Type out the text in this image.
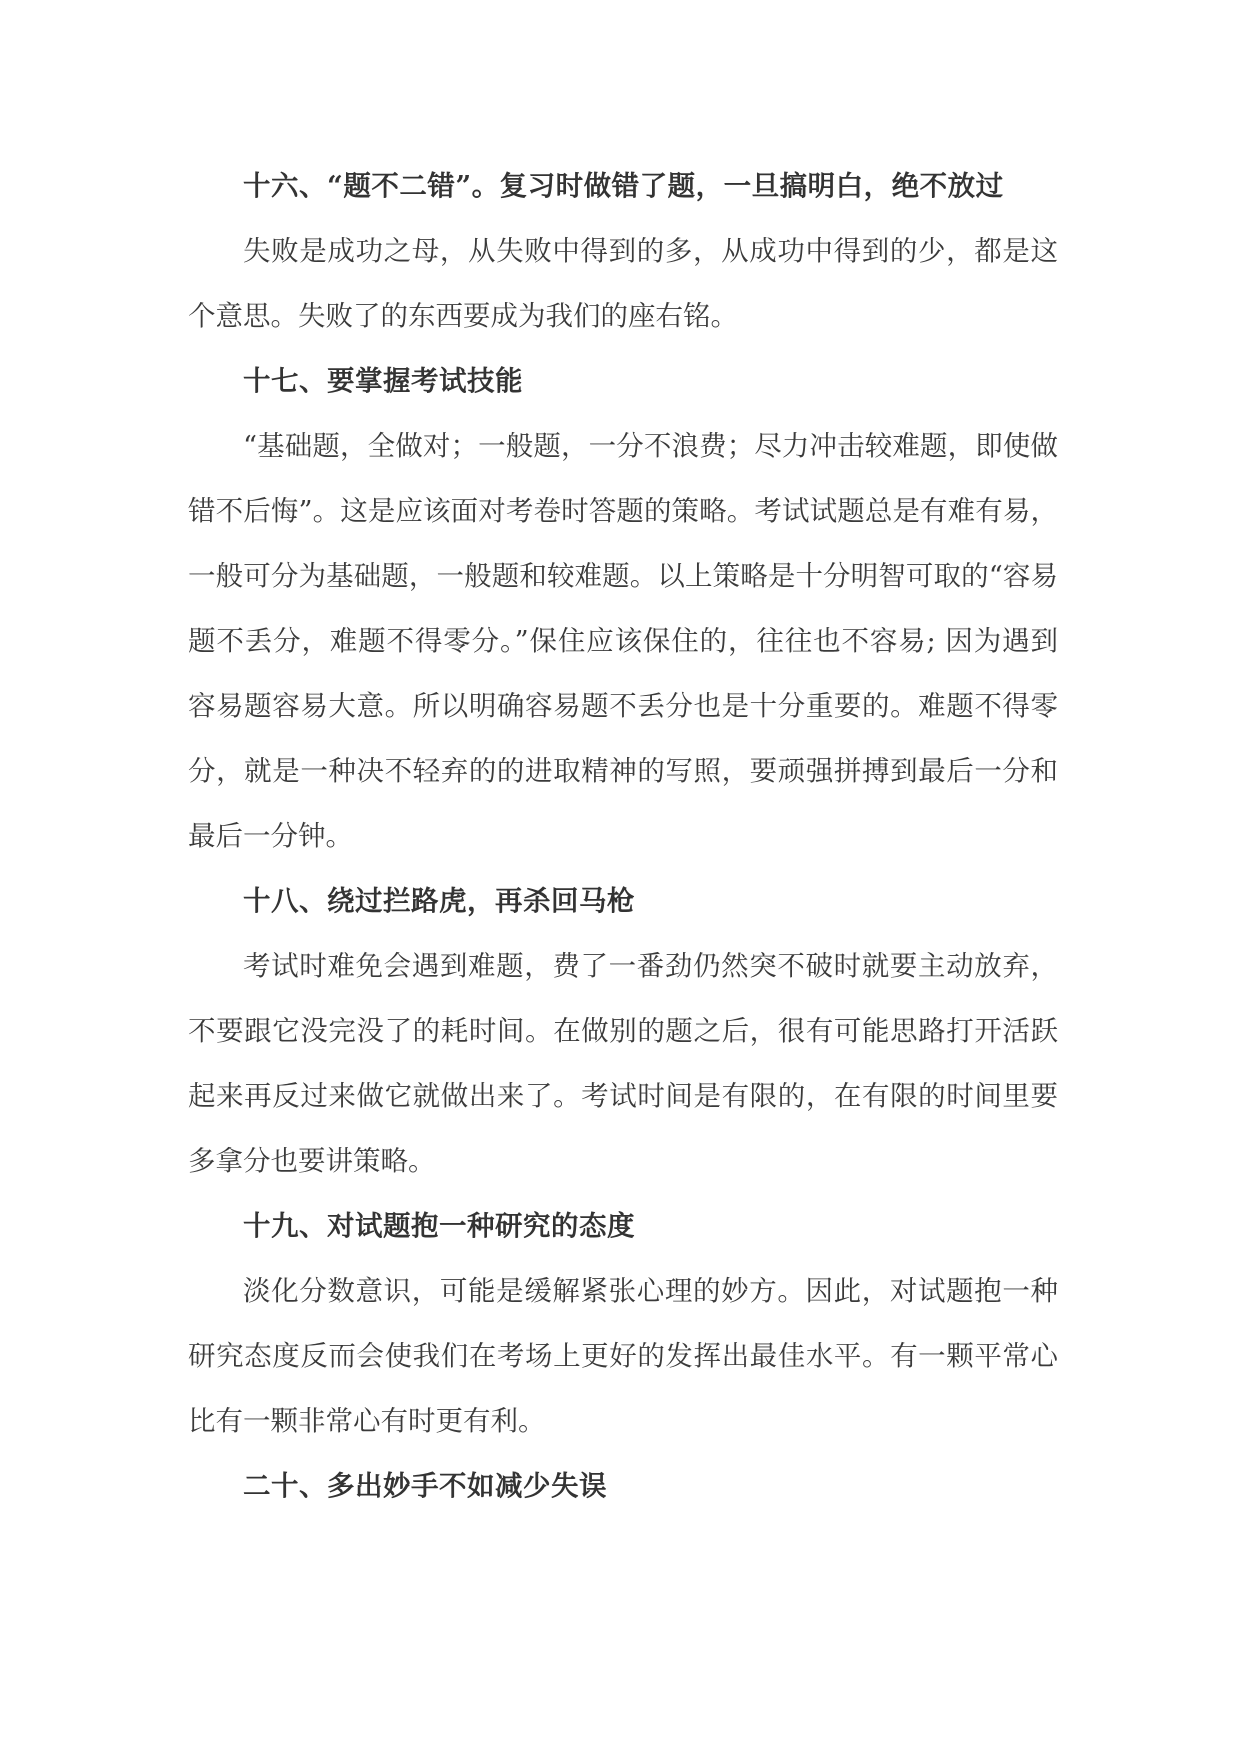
十六、“题不二错”。复习时做错了题，一旦搞明白，绝不放过

失败是成功之母，从失败中得到的多，从成功中得到的少，都是这个意思。失败了的东西要成为我们的座右铭。

十七、要掌握考试技能

“基础题，全做对；一般题，一分不浪费；尽力冲击较难题，即使做错不后悔”。这是应该面对考卷时答题的策略。考试试题总是有难有易，一般可分为基础题，一般题和较难题。以上策略是十分明智可取的“容易题不丢分，难题不得零分。”保住应该保住的，往往也不容易; 因为遇到容易题容易大意。所以明确容易题不丢分也是十分重要的。难题不得零分，就是一种决不轻弃的的进取精神的写照，要顽强拼搏到最后一分和最后一分钟。

十八、绕过拦路虎，再杀回马枪

考试时难免会遇到难题，费了一番劲仍然突不破时就要主动放弃，不要跟它没完没了的耗时间。在做别的题之后，很有可能思路打开活跃起来再反过来做它就做出来了。考试时间是有限的，在有限的时间里要多拿分也要讲策略。

十九、对试题抱一种研究的态度

淡化分数意识，可能是缓解紧张心理的妙方。因此，对试题抱一种研究态度反而会使我们在考场上更好的发挥出最佳水平。有一颗平常心比有一颗非常心有时更有利。

二十、多出妙手不如减少失误
